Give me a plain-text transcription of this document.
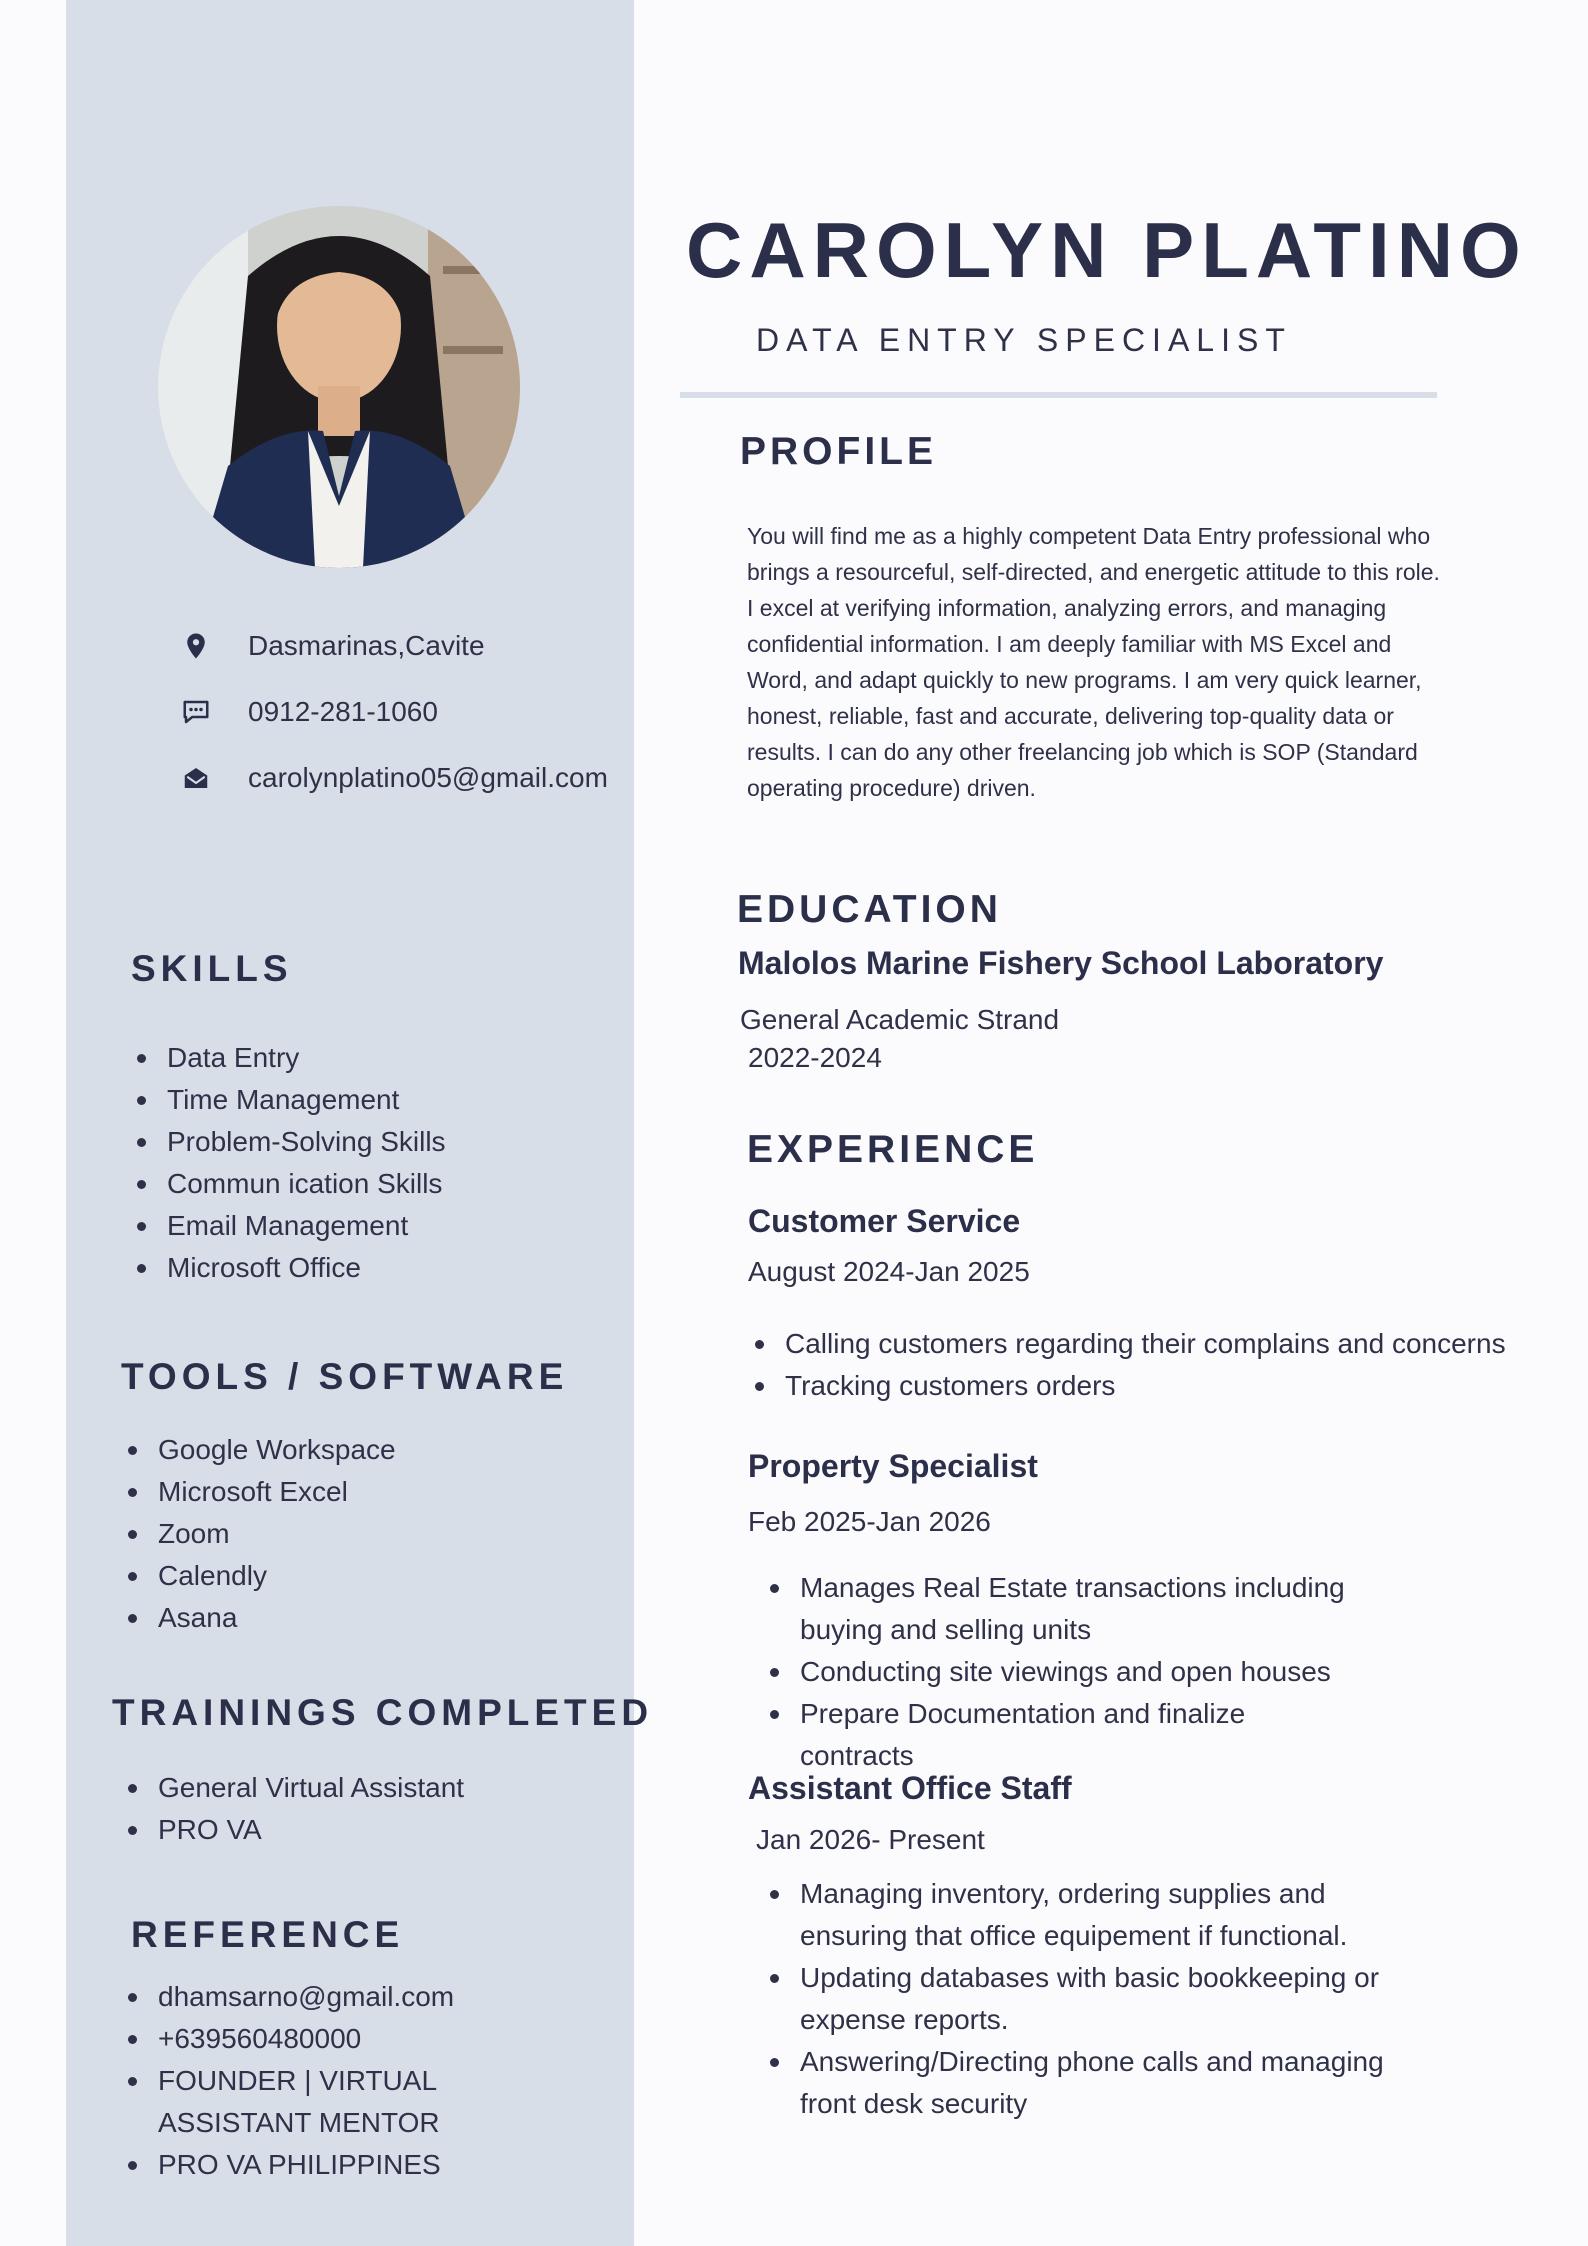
Dasmarinas,Cavite
0912-281-1060
carolynplatino05@gmail.com
SKILLS
Data Entry
Time Management
Problem-Solving Skills
Commun ication Skills
Email Management
Microsoft Office
TOOLS / SOFTWARE
Google Workspace
Microsoft Excel
Zoom
Calendly
Asana
TRAININGS COMPLETED
General Virtual Assistant
PRO VA
REFERENCE
dhamsarno@gmail.com
+639560480000
FOUNDER | VIRTUAL ASSISTANT MENTOR
PRO VA PHILIPPINES
CAROLYN PLATINO
DATA ENTRY SPECIALIST
PROFILE

You will find me as a highly competent Data Entry professional who brings a resourceful, self-directed, and energetic attitude to this role. I excel at verifying information, analyzing errors, and managing confidential information. I am deeply familiar with MS Excel and Word, and adapt quickly to new programs. I am very quick learner, honest, reliable, fast and accurate, delivering top-quality data or results. I can do any other freelancing job which is SOP (Standard operating procedure) driven.

EDUCATION
Malolos Marine Fishery School Laboratory
General Academic Strand
2022-2024
EXPERIENCE
Customer Service
August 2024-Jan 2025
Calling customers regarding their complains and concerns
Tracking customers orders
Property Specialist
Feb 2025-Jan 2026
Manages Real Estate transactions including buying and selling units
Conducting site viewings and open houses
Prepare Documentation and finalize contracts
Assistant Office Staff
Jan 2026- Present
Managing inventory, ordering supplies and ensuring that office equipement if functional.
Updating databases with basic bookkeeping or expense reports.
Answering/Directing phone calls and managing front desk security
